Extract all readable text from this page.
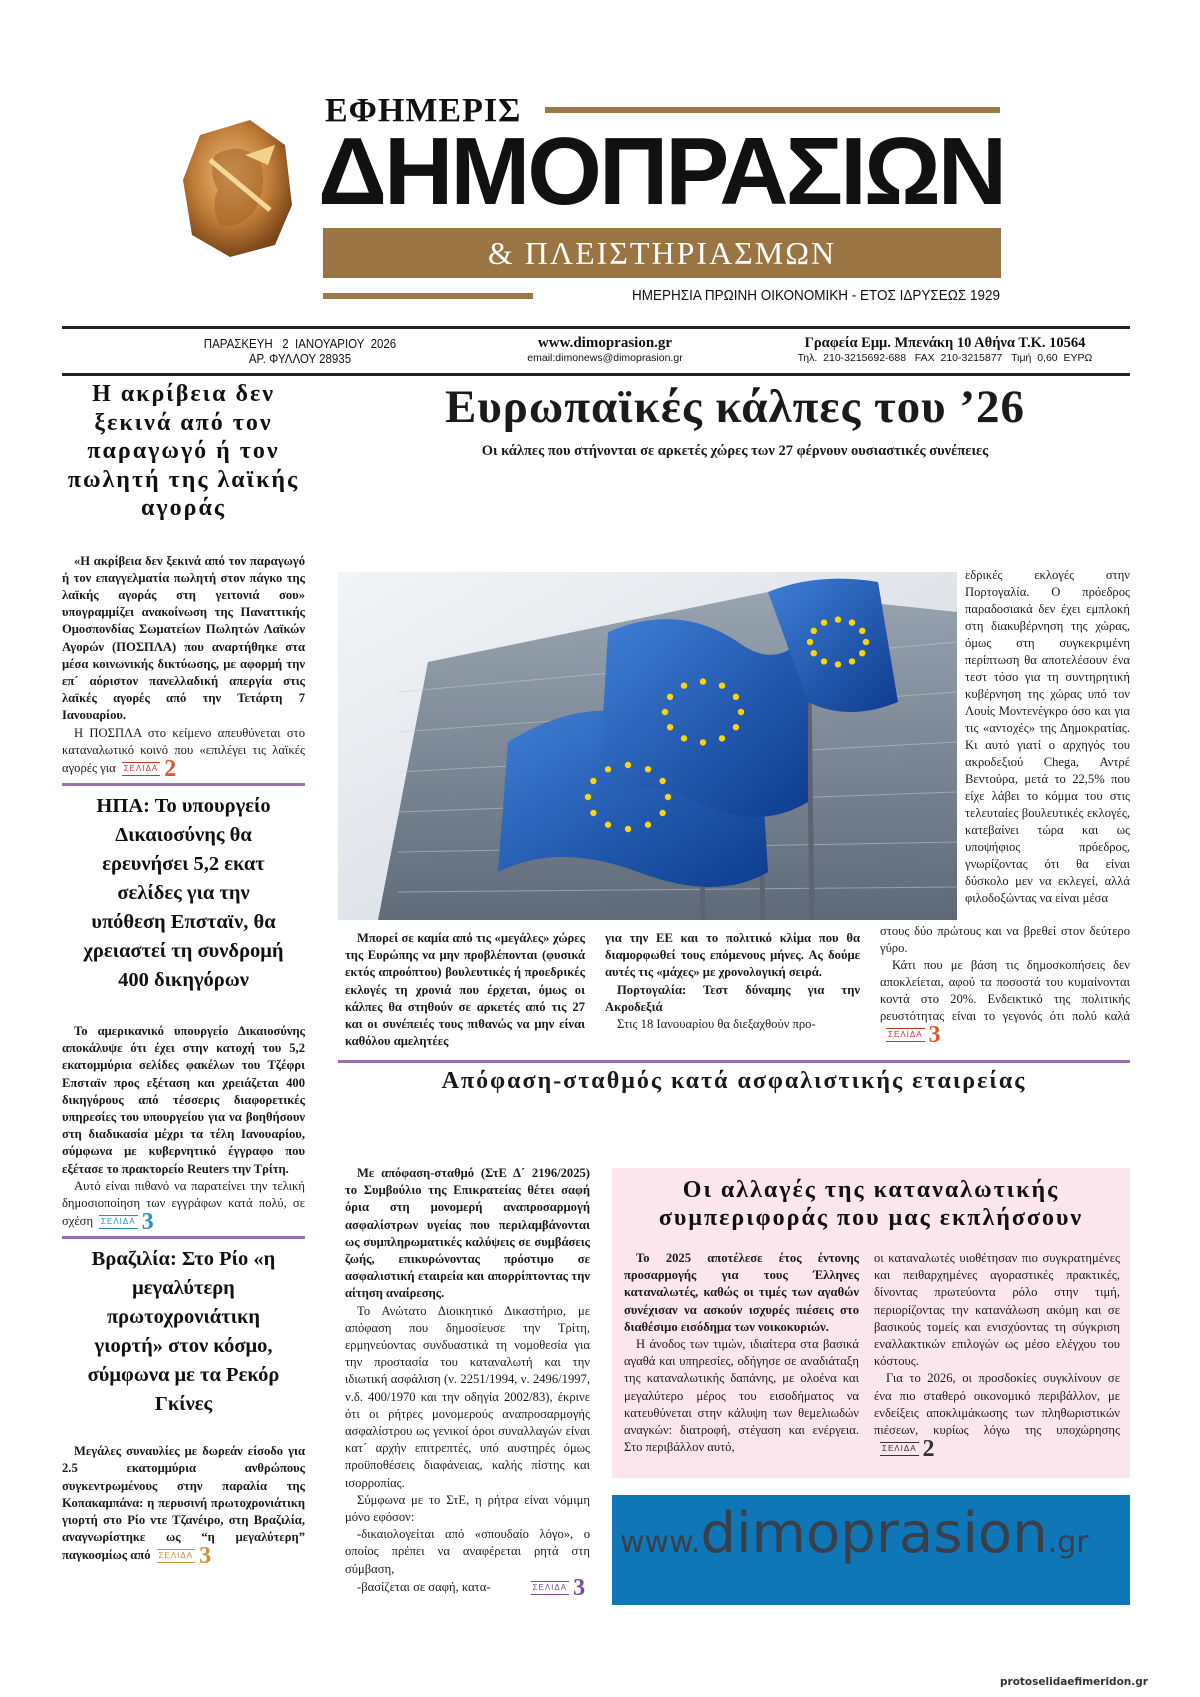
ΕΦΗΜΕΡΙΣ
ΔΗΜΟΠΡΑΣΙΩΝ
& ΠΛΕΙΣΤΗΡΙΑΣΜΩΝ
ΗΜΕΡΗΣΙΑ ΠΡΩΙΝΗ ΟΙΚΟΝΟΜΙΚΗ - ΕΤΟΣ ΙΔΡΥΣΕΩΣ 1929
ΠΑΡΑΣΚΕΥΗ   2  ΙΑΝΟΥΑΡΙΟΥ  2026
ΑΡ. ΦΥΛΛΟΥ 28935
www.dimoprasion.gr
email:dimonews@dimoprasion.gr
Γραφεία Εμμ. Μπενάκη 10 Αθήνα Τ.Κ. 10564
Τηλ.  210-3215692-688   FAX  210-3215877   Τιμή  0,60  ΕΥΡΩ
Η ακρίβεια δεν
ξεκινά από τον
παραγωγό ή τον
πωλητή της λαϊκής
αγοράς

«Η ακρίβεια δεν ξεκινά από τον παραγωγό ή τον επαγγελματία πωλητή στον πάγκο της λαϊκής αγοράς στη γειτονιά σου» υπογραμμίζει ανακοίνωση της Παναττικής Ομοσπονδίας Σωματείων Πωλητών Λαϊκών Αγορών (ΠΟΣΠΛΑ) που αναρτήθηκε στα μέσα κοινωνικής δικτύωσης, με αφορμή την επ´ αόριστον πανελλαδική απεργία στις λαϊκές αγορές από την Τετάρτη 7 Ιανουαρίου.

Η ΠΟΣΠΛΑ στο κείμενο απευθύνεται στο καταναλωτικό κοινό που «επιλέγει τις λαϊκές αγορές για ΣΕΛΙΔΑ 2

ΗΠΑ: Το υπουργείο
Δικαιοσύνης θα
ερευνήσει 5,2 εκατ
σελίδες για την
υπόθεση Επσταϊν, θα
χρειαστεί τη συνδρομή
400 δικηγόρων

Το αμερικανικό υπουργείο Δικαιοσύνης αποκάλυψε ότι έχει στην κατοχή του 5,2 εκατομμύρια σελίδες φακέλων του Τζέφρι Επσταϊν προς εξέταση και χρειάζεται 400 δικηγόρους από τέσσερις διαφορετικές υπηρεσίες του υπουργείου για να βοηθήσουν στη διαδικασία μέχρι τα τέλη Ιανουαρίου, σύμφωνα με κυβερνητικό έγγραφο που εξέτασε το πρακτορείο Reuters την Τρίτη.

Αυτό είναι πιθανό να παρατείνει την τελική δημοσιοποίηση των εγγράφων κατά πολύ, σε σχέση ΣΕΛΙΔΑ 3

Βραζιλία: Στο Ρίο «η
μεγαλύτερη
πρωτοχρονιάτικη
γιορτή» στον κόσμο,
σύμφωνα με τα Ρεκόρ
Γκίνες

Μεγάλες συναυλίες με δωρεάν είσοδο για 2.5 εκατομμύρια ανθρώπους συγκεντρωμένους στην παραλία της Κοπακαμπάνα: η περυσινή πρωτοχρονιάτικη γιορτή στο Ρίο ντε Τζανέιρο, στη Βραζιλία, αναγνωρίστηκε ως “η μεγαλύτερη” παγκοσμίως από ΣΕΛΙΔΑ 3

protoselidaefimeridon.gr
Ευρωπαϊκές κάλπες του ’26
Οι κάλπες που στήνονται σε αρκετές χώρες των 27 φέρνουν ουσιαστικές συνέπειες

Μπορεί σε καμία από τις «μεγάλες» χώρες της Ευρώπης να μην προβλέπονται (φυσικά εκτός απροόπτου) βουλευτικές ή προεδρικές εκλογές τη χρονιά που έρχεται, όμως οι κάλπες θα στηθούν σε αρκετές από τις 27 και οι συνέπειές τους πιθανώς να μην είναι καθόλου αμελητέες

για την ΕΕ και το πολιτικό κλίμα που θα διαμορφωθεί τους επόμενους μήνες. Ας δούμε αυτές τις «μάχες» με χρονολογική σειρά.

Πορτογαλία: Τεστ δύναμης για την Ακροδεξιά

Στις 18 Ιανουαρίου θα διεξαχθούν προ-

εδρικές εκλογές στην Πορτογαλία. Ο πρόεδρος παραδοσιακά δεν έχει εμπλοκή στη διακυβέρνηση της χώρας, όμως στη συγκεκριμένη περίπτωση θα αποτελέσουν ένα τεστ τόσο για τη συντηρητική κυβέρνηση της χώρας υπό τον Λουίς Μοντενέγκρο όσο και για τις «αντοχές» της Δημοκρατίας. Κι αυτό γιατί ο αρχηγός του ακροδεξιού Chega, Αντρέ Βεντούρα, μετά το 22,5% που είχε λάβει το κόμμα του στις τελευταίες βουλευτικές εκλογές, κατεβαίνει τώρα και ως υποψήφιος πρόεδρος, γνωρίζοντας ότι θα είναι δύσκολο μεν να εκλεγεί, αλλά φιλοδοξώντας να είναι μέσα

στους δύο πρώτους και να βρεθεί στον δεύτερο γύρο.

Κάτι που με βάση τις δημοσκοπήσεις δεν αποκλείεται, αφού τα ποσοστά του κυμαίνονται κοντά στο 20%. Ενδεικτικό της πολιτικής ρευστότητας είναι το γεγονός ότι πολύ καλά
ΣΕΛΙΔΑ 3

Απόφαση-σταθμός κατά ασφαλιστικής εταιρείας

Με απόφαση-σταθμό (ΣτΕ Δ´ 2196/2025) το Συμβούλιο της Επικρατείας θέτει σαφή όρια στη μονομερή αναπροσαρμογή ασφαλίστρων υγείας που περιλαμβάνονται ως συμπληρωματικές καλύψεις σε συμβάσεις ζωής, επικυρώνοντας πρόστιμο σε ασφαλιστική εταιρεία και απορρίπτοντας την αίτηση αναίρεσης.

Το Ανώτατο Διοικητικό Δικαστήριο, με απόφαση που δημοσίευσε την Τρίτη, ερμηνεύοντας συνδυαστικά τη νομοθεσία για την προστασία του καταναλωτή και την ιδιωτική ασφάλιση (ν. 2251/1994, ν. 2496/1997, ν.δ. 400/1970 και την οδηγία 2002/83), έκρινε ότι οι ρήτρες μονομερούς αναπροσαρμογής ασφαλίστρου ως γενικοί όροι συναλλαγών είναι κατ´ αρχήν επιτρεπτές, υπό αυστηρές όμως προϋποθέσεις διαφάνειας, καλής πίστης και ισορροπίας.

Σύμφωνα με το ΣτΕ, η ρήτρα είναι νόμιμη μόνο εφόσον:

-δικαιολογείται από «σπουδαίο λόγο», ο οποίος πρέπει να αναφέρεται ρητά στη σύμβαση,

-βασίζεται σε σαφή, κατα-	ΣΕΛΙΔΑ 3

Οι αλλαγές της καταναλωτικής
συμπεριφοράς που μας εκπλήσσουν

Το 2025 αποτέλεσε έτος έντονης προσαρμογής για τους Έλληνες καταναλωτές, καθώς οι τιμές των αγαθών συνέχισαν να ασκούν ισχυρές πιέσεις στο διαθέσιμο εισόδημα των νοικοκυριών.

Η άνοδος των τιμών, ιδιαίτερα στα βασικά αγαθά και υπηρεσίες, οδήγησε σε αναδιάταξη της καταναλωτικής δαπάνης, με ολοένα και μεγαλύτερο μέρος του εισοδήματος να κατευθύνεται στην κάλυψη των θεμελιωδών αναγκών: διατροφή, στέγαση και ενέργεια. Στο περιβάλλον αυτό,

οι καταναλωτές υιοθέτησαν πιο συγκρατημένες και πειθαρχημένες αγοραστικές πρακτικές, δίνοντας πρωτεύοντα ρόλο στην τιμή, περιορίζοντας την κατανάλωση ακόμη και σε βασικούς τομείς και ενισχύοντας τη σύγκριση εναλλακτικών επιλογών ως μέσο ελέγχου του κόστους.

Για το 2026, οι προσδοκίες συγκλίνουν σε ένα πιο σταθερό οικονομικό περιβάλλον, με ενδείξεις αποκλιμάκωσης των πληθωριστικών πιέσεων, κυρίως λόγω της υποχώρησης
ΣΕΛΙΔΑ 2

www.dimoprasion.gr
